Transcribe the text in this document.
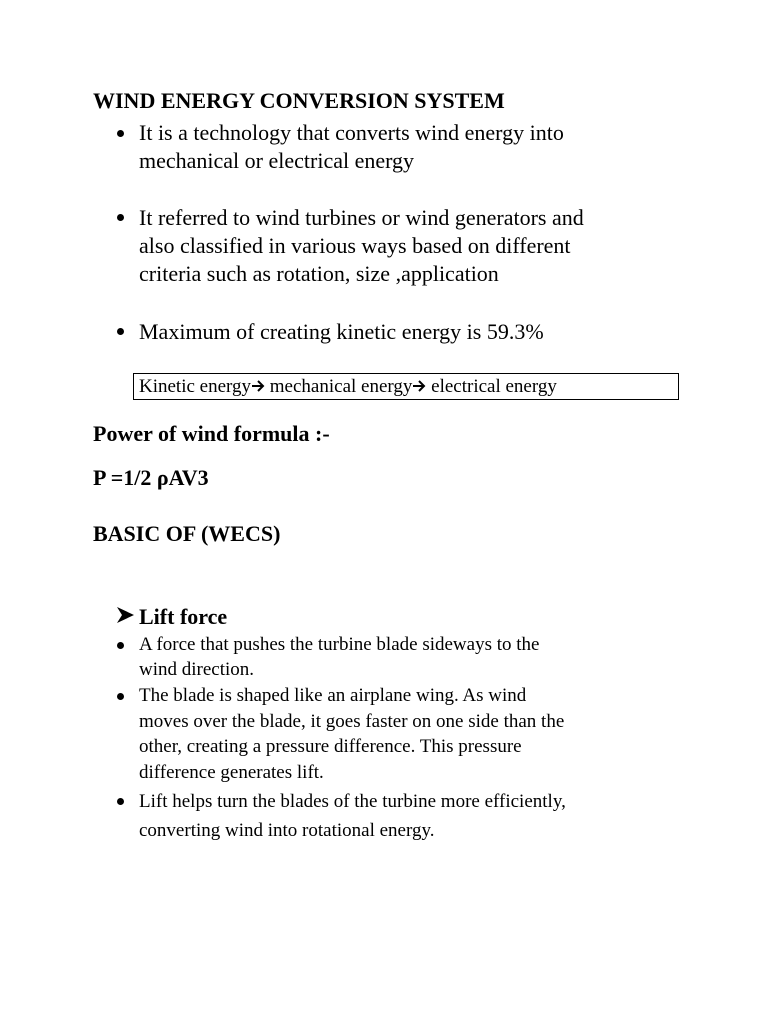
WIND ENERGY CONVERSION SYSTEM
It is a technology that converts wind energy into
mechanical or electrical energy
It referred to wind turbines or wind generators and
also classified in various ways based on different
criteria such as rotation, size ,application
Maximum of creating kinetic energy is 59.3%
Kinetic energy mechanical energy electrical energy
Power of wind formula :-
P =1/2 ρAV3
BASIC OF (WECS)
Lift force
A force that pushes the turbine blade sideways to the
wind direction.
The blade is shaped like an airplane wing. As wind
moves over the blade, it goes faster on one side than the
other, creating a pressure difference. This pressure
difference generates lift.
Lift helps turn the blades of the turbine more efficiently,
converting wind into rotational energy.
